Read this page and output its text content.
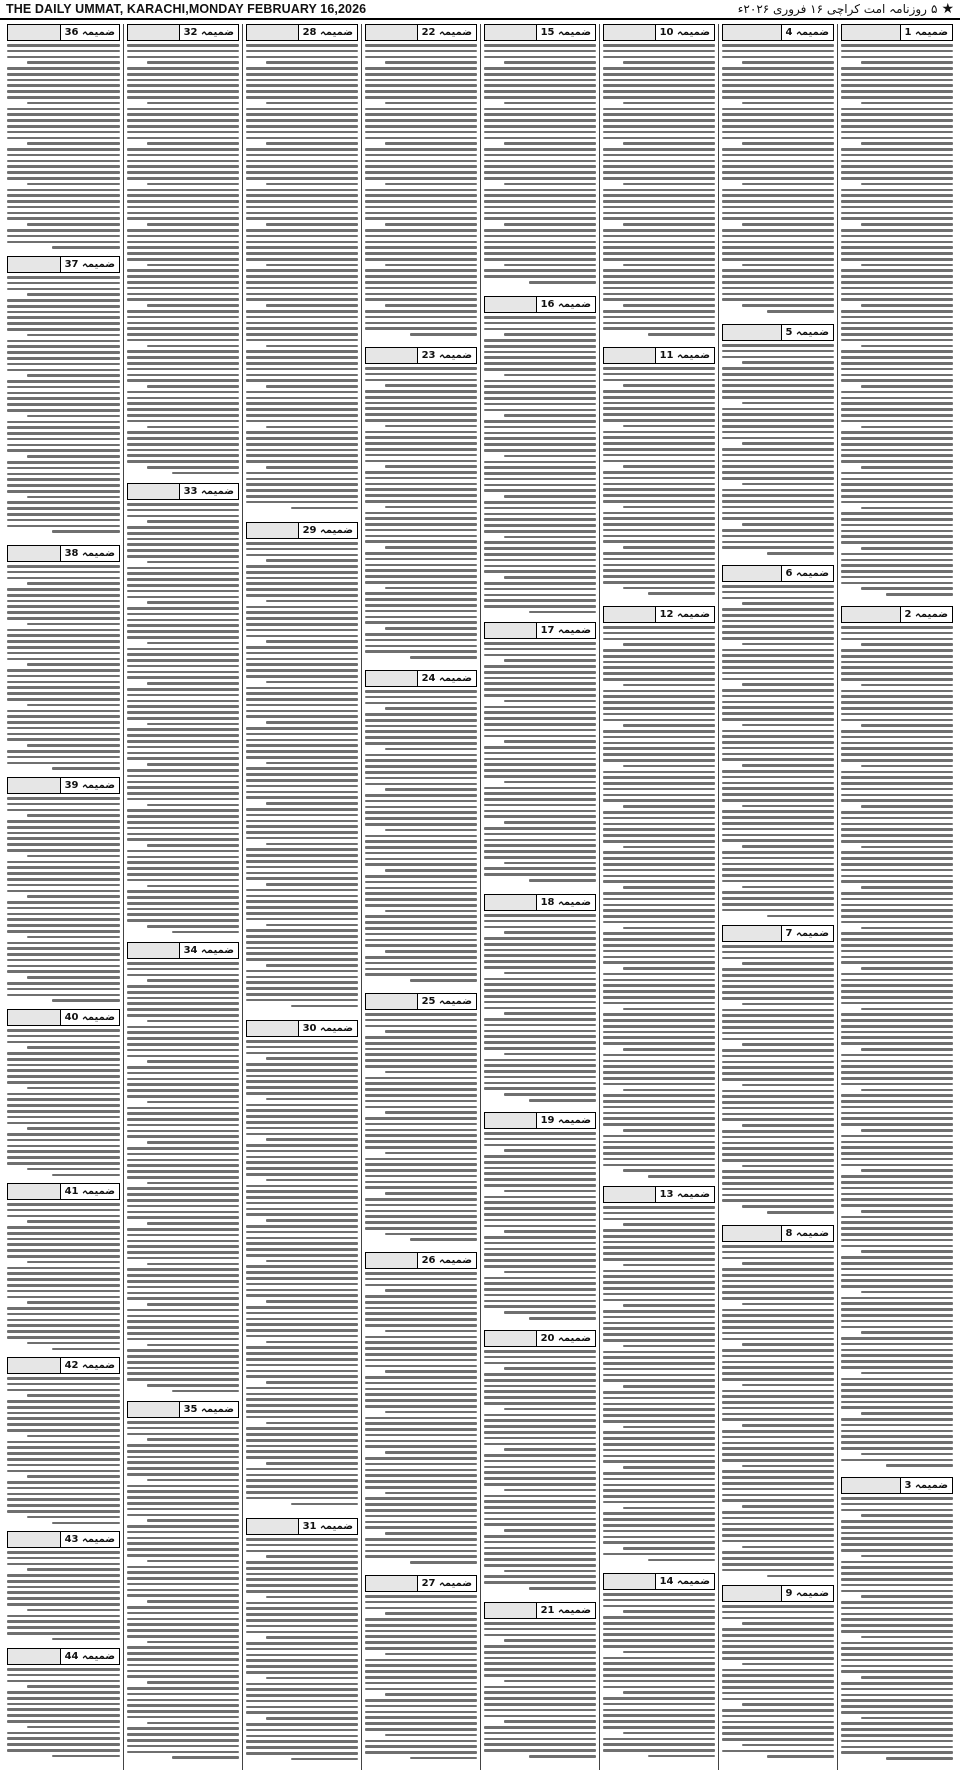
THE DAILY UMMAT, KARACHI,MONDAY FEBRUARY 16,2026	★
۵
روزنامہ امت کراچی ۱۶ فروری ۲۰۲۶ء
ضمیمہ 1
ضمیمہ 2
ضمیمہ 3
ضمیمہ 4
ضمیمہ 5
ضمیمہ 6
ضمیمہ 7
ضمیمہ 8
ضمیمہ 9
ضمیمہ 10
ضمیمہ 11
ضمیمہ 12
ضمیمہ 13
ضمیمہ 14
ضمیمہ 15
ضمیمہ 16
ضمیمہ 17
ضمیمہ 18
ضمیمہ 19
ضمیمہ 20
ضمیمہ 21
ضمیمہ 22
ضمیمہ 23
ضمیمہ 24
ضمیمہ 25
ضمیمہ 26
ضمیمہ 27
ضمیمہ 28
ضمیمہ 29
ضمیمہ 30
ضمیمہ 31
ضمیمہ 32
ضمیمہ 33
ضمیمہ 34
ضمیمہ 35
ضمیمہ 36
ضمیمہ 37
ضمیمہ 38
ضمیمہ 39
ضمیمہ 40
ضمیمہ 41
ضمیمہ 42
ضمیمہ 43
ضمیمہ 44
